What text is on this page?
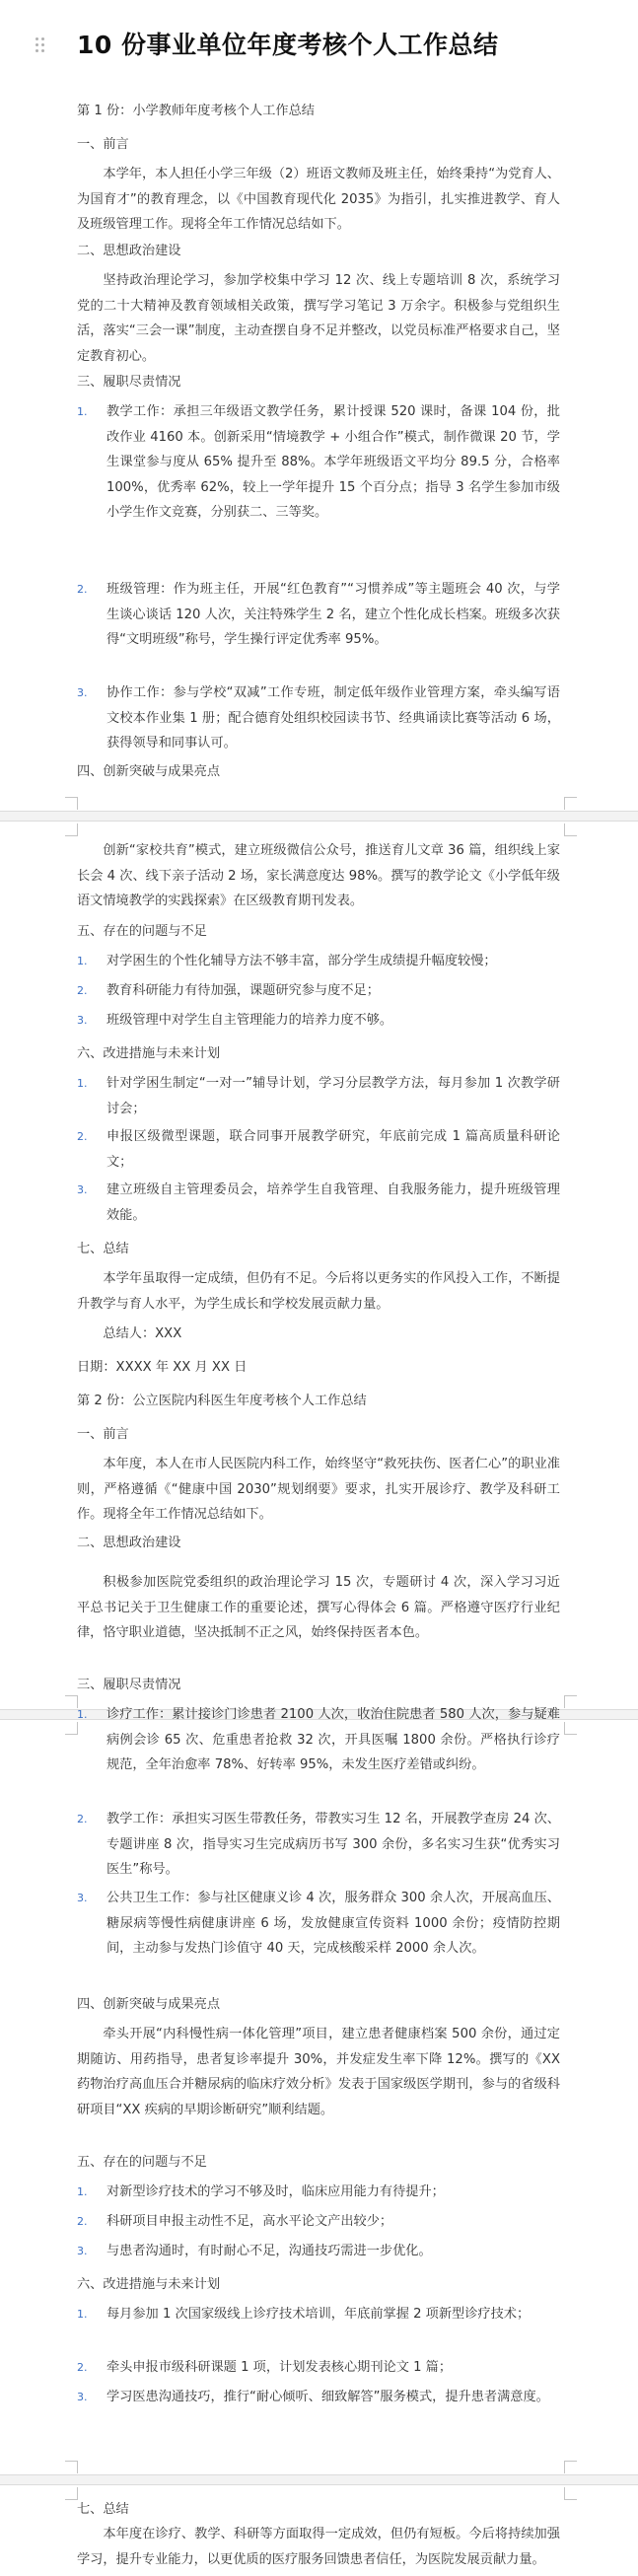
10 份事业单位年度考核个人工作总结
第 1 份：小学教师年度考核个人工作总结
一、前言
本学年，本人担任小学三年级（2）班语文教师及班主任，始终秉持“为党育人、为国育才”的教育理念，以《中国教育现代化 2035》为指引，扎实推进教学、育人及班级管理工作。现将全年工作情况总结如下。
二、思想政治建设
坚持政治理论学习，参加学校集中学习 12 次、线上专题培训 8 次，系统学习党的二十大精神及教育领域相关政策，撰写学习笔记 3 万余字。积极参与党组织生活，落实“三会一课”制度，主动查摆自身不足并整改，以党员标准严格要求自己，坚定教育初心。
三、履职尽责情况
1. 教学工作：承担三年级语文教学任务，累计授课 520 课时，备课 104 份，批改作业 4160 本。创新采用“情境教学 + 小组合作”模式，制作微课 20 节，学生课堂参与度从 65% 提升至 88%。本学年班级语文平均分 89.5 分，合格率 100%，优秀率 62%，较上一学年提升 15 个百分点；指导 3 名学生参加市级小学生作文竞赛，分别获二、三等奖。
2. 班级管理：作为班主任，开展“红色教育”“习惯养成”等主题班会 40 次，与学生谈心谈话 120 人次，关注特殊学生 2 名，建立个性化成长档案。班级多次获得“文明班级”称号，学生操行评定优秀率 95%。
3. 协作工作：参与学校“双减”工作专班，制定低年级作业管理方案，牵头编写语文校本作业集 1 册；配合德育处组织校园读书节、经典诵读比赛等活动 6 场，获得领导和同事认可。
四、创新突破与成果亮点
创新“家校共育”模式，建立班级微信公众号，推送育儿文章 36 篇，组织线上家长会 4 次、线下亲子活动 2 场，家长满意度达 98%。撰写的教学论文《小学低年级语文情境教学的实践探索》在区级教育期刊发表。
五、存在的问题与不足
1. 对学困生的个性化辅导方法不够丰富，部分学生成绩提升幅度较慢；
2. 教育科研能力有待加强，课题研究参与度不足；
3. 班级管理中对学生自主管理能力的培养力度不够。
六、改进措施与未来计划
1. 针对学困生制定“一对一”辅导计划，学习分层教学方法，每月参加 1 次教学研讨会；
2. 申报区级微型课题，联合同事开展教学研究，年底前完成 1 篇高质量科研论文；
3. 建立班级自主管理委员会，培养学生自我管理、自我服务能力，提升班级管理效能。
七、总结
本学年虽取得一定成绩，但仍有不足。今后将以更务实的作风投入工作，不断提升教学与育人水平，为学生成长和学校发展贡献力量。
总结人：XXX
日期：XXXX 年 XX 月 XX 日
第 2 份：公立医院内科医生年度考核个人工作总结
一、前言
本年度，本人在市人民医院内科工作，始终坚守“救死扶伤、医者仁心”的职业准则，严格遵循《“健康中国 2030”规划纲要》要求，扎实开展诊疗、教学及科研工作。现将全年工作情况总结如下。
二、思想政治建设
积极参加医院党委组织的政治理论学习 15 次，专题研讨 4 次，深入学习习近平总书记关于卫生健康工作的重要论述，撰写心得体会 6 篇。严格遵守医疗行业纪律，恪守职业道德，坚决抵制不正之风，始终保持医者本色。
三、履职尽责情况
1. 诊疗工作：累计接诊门诊患者 2100 人次，收治住院患者 580 人次，参与疑难病例会诊 65 次、危重患者抢救 32 次，开具医嘱 1800 余份。严格执行诊疗规范，全年治愈率 78%、好转率 95%，未发生医疗差错或纠纷。
2. 教学工作：承担实习医生带教任务，带教实习生 12 名，开展教学查房 24 次、专题讲座 8 次，指导实习生完成病历书写 300 余份，多名实习生获“优秀实习医生”称号。
3. 公共卫生工作：参与社区健康义诊 4 次，服务群众 300 余人次，开展高血压、糖尿病等慢性病健康讲座 6 场，发放健康宣传资料 1000 余份；疫情防控期间，主动参与发热门诊值守 40 天，完成核酸采样 2000 余人次。
四、创新突破与成果亮点
牵头开展“内科慢性病一体化管理”项目，建立患者健康档案 500 余份，通过定期随访、用药指导，患者复诊率提升 30%，并发症发生率下降 12%。撰写的《XX 药物治疗高血压合并糖尿病的临床疗效分析》发表于国家级医学期刊，参与的省级科研项目“XX 疾病的早期诊断研究”顺利结题。
五、存在的问题与不足
1. 对新型诊疗技术的学习不够及时，临床应用能力有待提升；
2. 科研项目申报主动性不足，高水平论文产出较少；
3. 与患者沟通时，有时耐心不足，沟通技巧需进一步优化。
六、改进措施与未来计划
1. 每月参加 1 次国家级线上诊疗技术培训，年底前掌握 2 项新型诊疗技术；
2. 牵头申报市级科研课题 1 项，计划发表核心期刊论文 1 篇；
3. 学习医患沟通技巧，推行“耐心倾听、细致解答”服务模式，提升患者满意度。
七、总结
本年度在诊疗、教学、科研等方面取得一定成效，但仍有短板。今后将持续加强学习，提升专业能力，以更优质的医疗服务回馈患者信任，为医院发展贡献力量。
